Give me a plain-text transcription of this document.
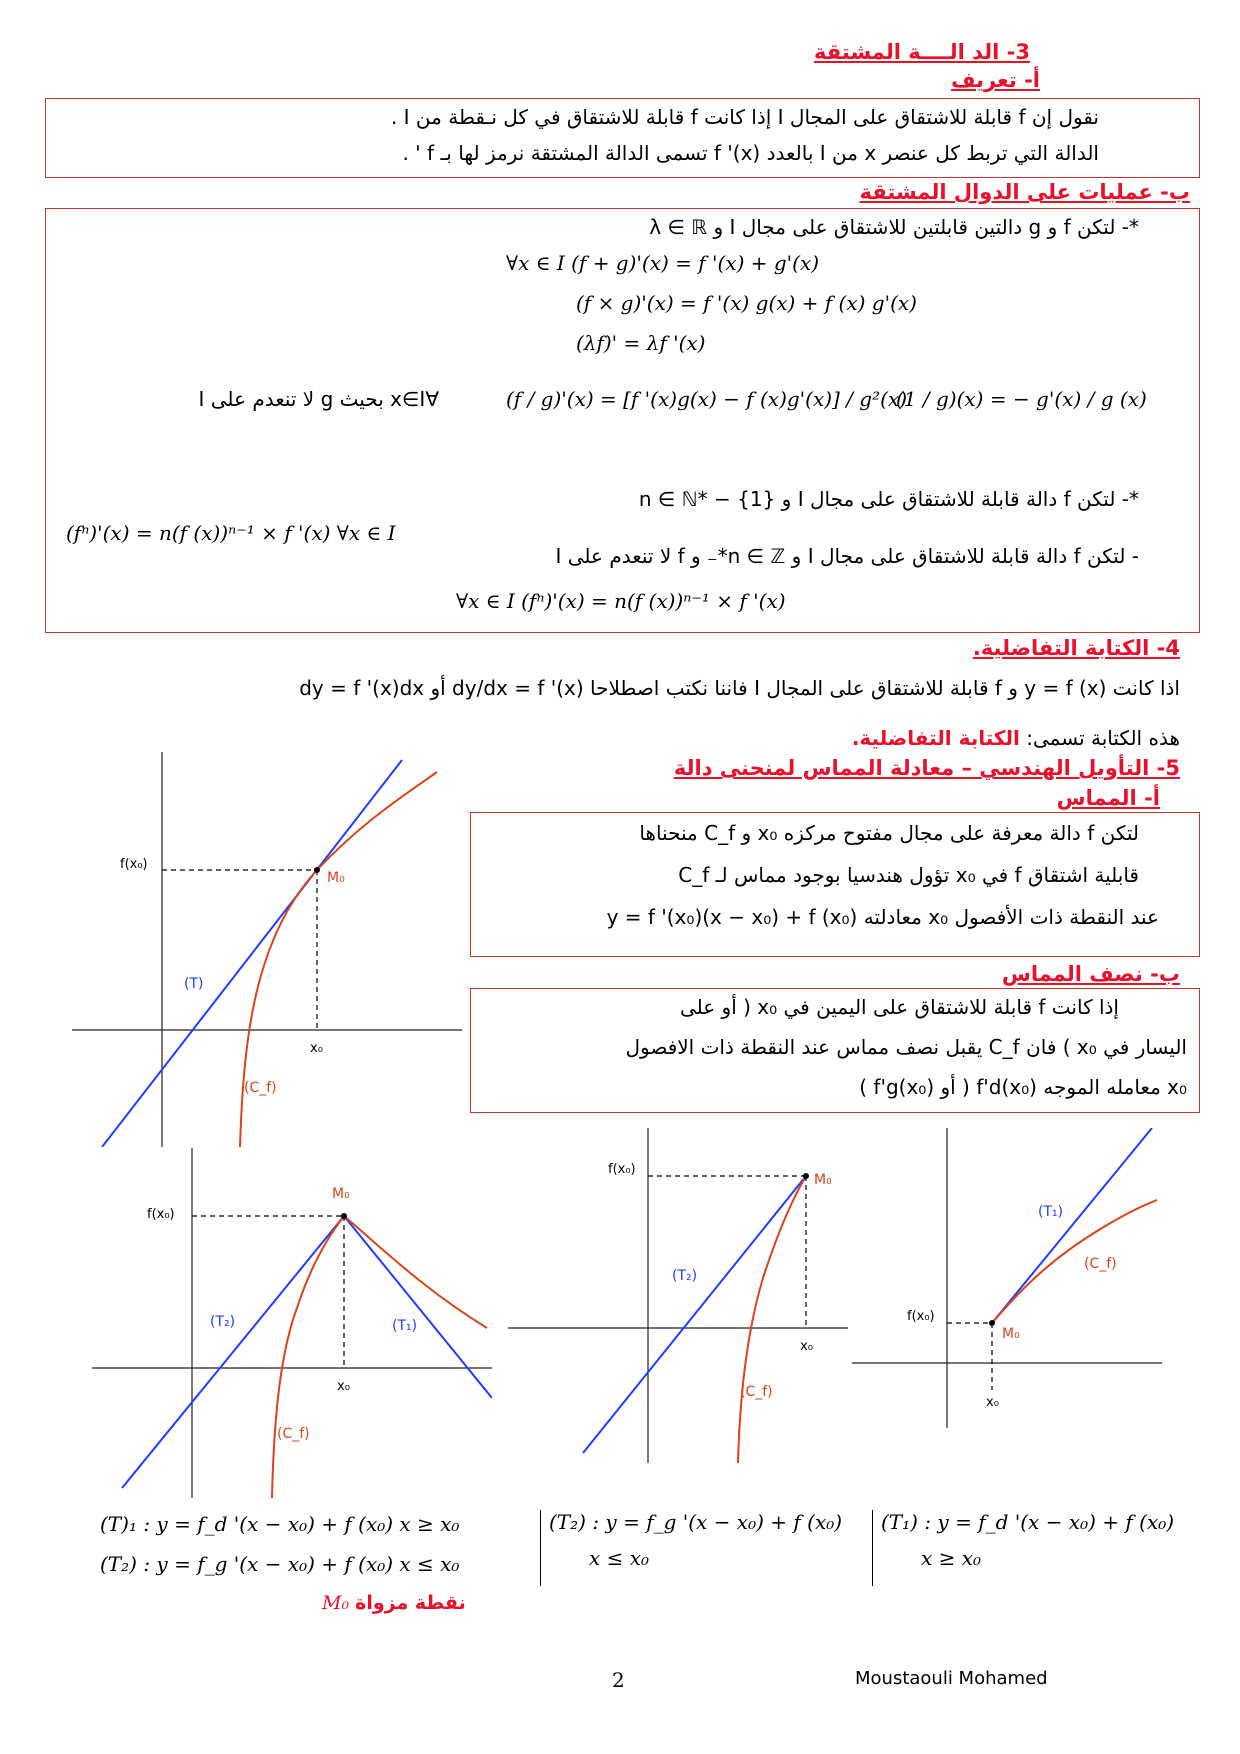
3- الد الــــة المشتقة
أ- تعريف
نقول إن f قابلة للاشتقاق على المجال I إذا كانت f قابلة للاشتقاق في كل نـقطة من I .
الدالة التي تربط كل عنصر x من I بالعدد f '(x) تسمى الدالة المشتقة نرمز لها بـ f ' .
ب- عمليات على الدوال المشتقة
*- لتكن f و g دالتين قابلتين للاشتقاق على مجال I و λ ∈ ℝ
∀x ∈ I (f + g)'(x) = f '(x) + g'(x)
(f × g)'(x) = f '(x) g(x) + f (x) g'(x)
(λf)' = λf '(x)
(f / g)'(x) = [f '(x)g(x) − f (x)g'(x)] / g²(x)
(1 / g)(x) = − g'(x) / g (x)
∀x∈I بحيث g لا تنعدم على I
*- لتكن f دالة قابلة للاشتقاق على مجال I و n ∈ ℕ* − {1}
(fⁿ)'(x) = n(f (x))ⁿ⁻¹ × f '(x) ∀x ∈ I
- لتكن f دالة قابلة للاشتقاق على مجال I و n ∈ ℤ*₋ و f لا تنعدم على I
∀x ∈ I (fⁿ)'(x) = n(f (x))ⁿ⁻¹ × f '(x)
4- الكتابة التفاضلية.
اذا كانت y = f (x) و f قابلة للاشتقاق على المجال I فاننا نكتب اصطلاحا dy/dx = f '(x) أو dy = f '(x)dx
هذه الكتابة تسمى: الكتابة التفاضلية.
5- التأويل الهندسي – معادلة المماس لمنحنى دالة
أ- المماس
لتكن f دالة معرفة على مجال مفتوح مركزه x₀ و C_f منحناها
قابلية اشتقاق f في x₀ تؤول هندسيا بوجود مماس لـ C_f
عند النقطة ذات الأفصول x₀ معادلته y = f '(x₀)(x − x₀) + f (x₀)
ب- نصف المماس
إذا كانت f قابلة للاشتقاق على اليمين في x₀ ( أو على
اليسار في x₀ ) فان C_f يقبل نصف مماس عند النقطة ذات الافصول
x₀ معامله الموجه f'd(x₀) ( أو f'g(x₀) )
f(x₀)
x₀
M₀
(T)
(C_f)
f(x₀)
x₀
M₀
(T₂)	(T₁)
(C_f)
f(x₀)
x₀
M₀
(T₂)
(C_f)
f(x₀)
x₀
M₀
(T₁)
(C_f)
(T)₁ : y = f_d '(x − x₀) + f (x₀) x ≥ x₀
(T₂) : y = f_g '(x − x₀) + f (x₀) x ≤ x₀
نقطة مزواة M₀
(T₂) : y = f_g '(x − x₀) + f (x₀)
x ≤ x₀
(T₁) : y = f_d '(x − x₀) + f (x₀)
x ≥ x₀
2	Moustaouli Mohamed
